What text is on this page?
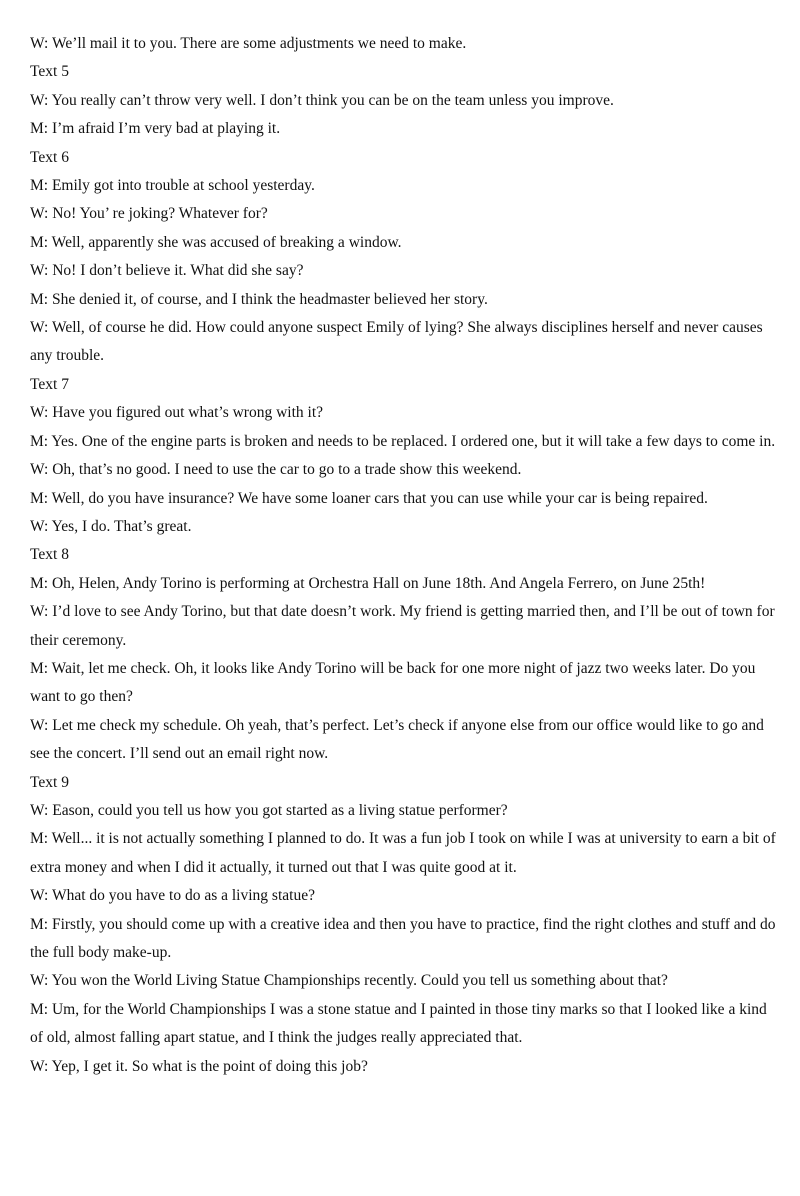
W: We’ll mail it to you. There are some adjustments we need to make.

Text 5

W: You really can’t throw very well. I don’t think you can be on the team unless you improve.

M: I’m afraid I’m very bad at playing it.

Text 6

M: Emily got into trouble at school yesterday.

W: No! You’ re joking? Whatever for?

M: Well, apparently she was accused of breaking a window.

W: No! I don’t believe it. What did she say?

M: She denied it, of course, and I think the headmaster believed her story.

W: Well, of course he did. How could anyone suspect Emily of lying? She always disciplines herself and never causes any trouble.

Text 7

W: Have you figured out what’s wrong with it?

M: Yes. One of the engine parts is broken and needs to be replaced. I ordered one, but it will take a few days to come in.

W: Oh, that’s no good. I need to use the car to go to a trade show this weekend.

M: Well, do you have insurance? We have some loaner cars that you can use while your car is being repaired.

W: Yes, I do. That’s great.

Text 8

M: Oh, Helen, Andy Torino is performing at Orchestra Hall on June 18th. And Angela Ferrero, on June 25th!

W: I’d love to see Andy Torino, but that date doesn’t work. My friend is getting married then, and I’ll be out of town for their ceremony.

M: Wait, let me check. Oh, it looks like Andy Torino will be back for one more night of jazz two weeks later. Do you want to go then?

W: Let me check my schedule. Oh yeah, that’s perfect. Let’s check if anyone else from our office would like to go and see the concert. I’ll send out an email right now.

Text 9

W: Eason, could you tell us how you got started as a living statue performer?

M: Well... it is not actually something I planned to do. It was a fun job I took on while I was at university to earn a bit of extra money and when I did it actually, it turned out that I was quite good at it.

W: What do you have to do as a living statue?

M: Firstly, you should come up with a creative idea and then you have to practice, find the right clothes and stuff and do the full body make-up.

W: You won the World Living Statue Championships recently. Could you tell us something about that?

M: Um, for the World Championships I was a stone statue and I painted in those tiny marks so that I looked like a kind of old, almost falling apart statue, and I think the judges really appreciated that.

W: Yep, I get it. So what is the point of doing this job?
